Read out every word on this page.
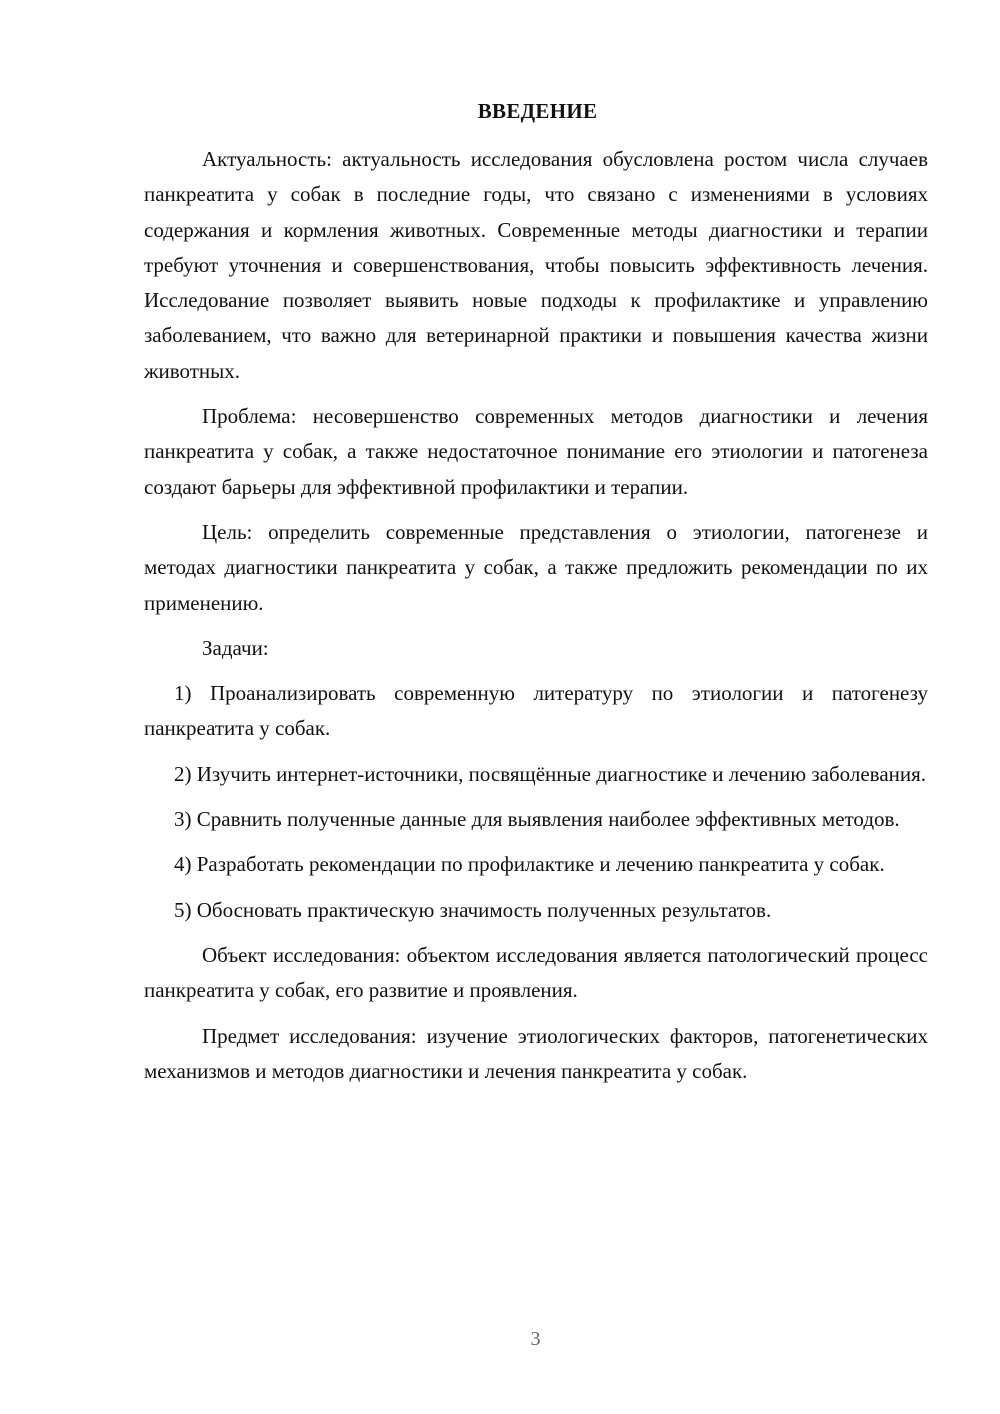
ВВЕДЕНИЕ

Актуальность: актуальность исследования обусловлена ростом числа случаев панкреатита у собак в последние годы, что связано с изменениями в условиях содержания и кормления животных. Современные методы диагностики и терапии требуют уточнения и совершенствования, чтобы повысить эффективность лечения. Исследование позволяет выявить новые подходы к профилактике и управлению заболеванием, что важно для ветеринарной практики и повышения качества жизни животных.

Проблема: несовершенство современных методов диагностики и лечения панкреатита у собак, а также недостаточное понимание его этиологии и патогенеза создают барьеры для эффективной профилактики и терапии.

Цель: определить современные представления о этиологии, патогенезе и методах диагностики панкреатита у собак, а также предложить рекомендации по их применению.

Задачи:

1) Проанализировать современную литературу по этиологии и патогенезу панкреатита у собак.

2) Изучить интернет-источники, посвящённые диагностике и лечению заболевания.

3) Сравнить полученные данные для выявления наиболее эффективных методов.

4) Разработать рекомендации по профилактике и лечению панкреатита у собак.

5) Обосновать практическую значимость полученных результатов.

Объект исследования: объектом исследования является патологический процесс панкреатита у собак, его развитие и проявления.

Предмет исследования: изучение этиологических факторов, патогенетических механизмов и методов диагностики и лечения панкреатита у собак.

3
